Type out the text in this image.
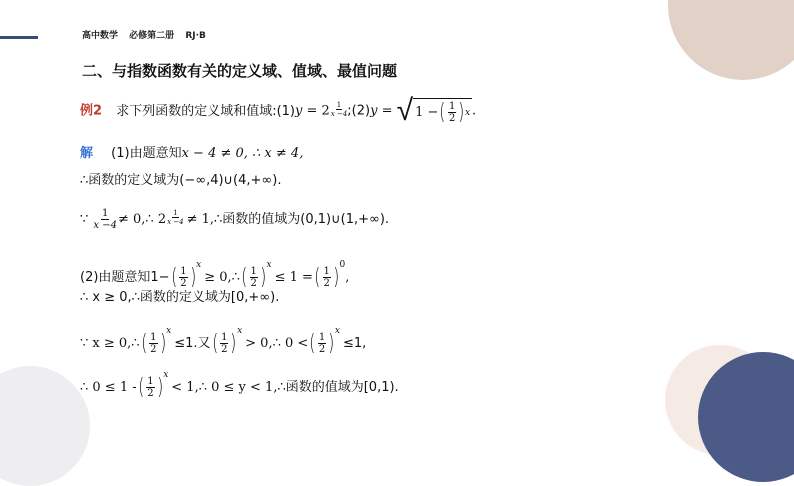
高中数学 必修第二册 RJ·B
二、与指数函数有关的定义域、值域、最值问题
例2 求下列函数的定义域和值域:(1)y = $2 \frac{1}{x -4}$ ;(2)y = √ 1 − ( $\frac{1}{2}$ ) x .
解 (1)由题意知x − 4 ≠ 0, ∴ x ≠ 4,
∴函数的定义域为(−∞,4)∪(4,+∞).
∵ $\frac{1}{x -4}$ ≠ 0,∴ $2 \frac{1}{x -4}$ ≠ 1,∴函数的值域为(0,1)∪(1,+∞).
(2)由题意知1− ( $\frac{1}{2}$ ) $^x$≥ 0,∴ ( $\frac{1}{2}$ ) $^x$≤ 1 = ( $\frac{1}{2}$ ) $^0$,
∴ x ≥ 0,∴函数的定义域为[0,+∞).
∵ x ≥ 0,∴ ( $\frac{1}{2}$ ) $^x$≤1.又 ( $\frac{1}{2}$ ) $^x$> 0,∴ 0 < ( $\frac{1}{2}$ ) $^x$≤1,
∴ 0 ≤ 1 - ( $\frac{1}{2}$ ) $^x$< 1,∴ 0 ≤ y < 1,∴函数的值域为[0,1).
